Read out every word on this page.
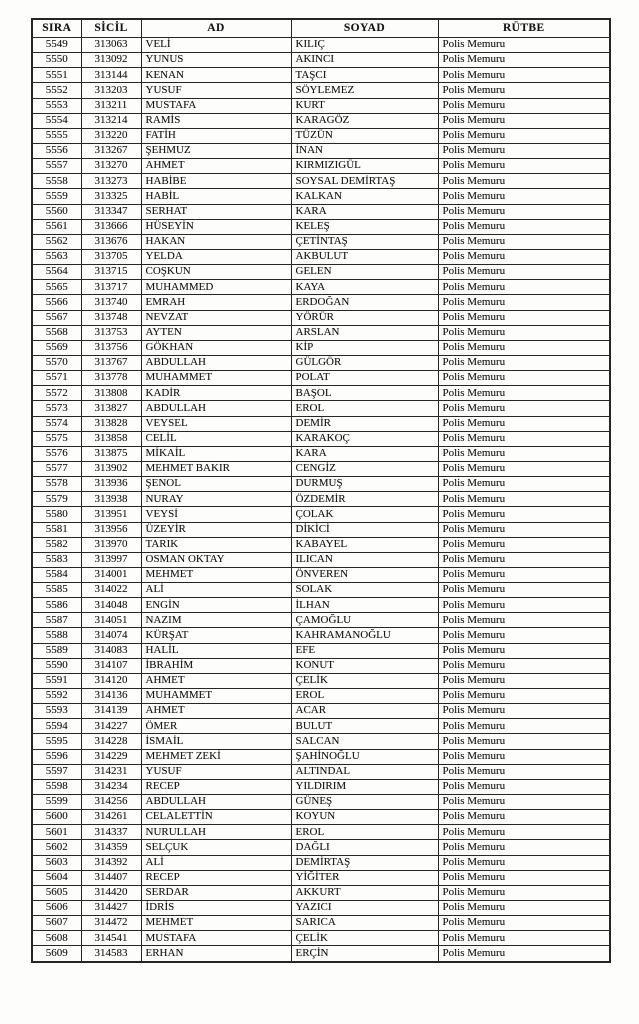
SIRA	SİCİL	AD	SOYAD	RÜTBE
5549	313063	VELİ	KILIÇ	Polis Memuru
5550	313092	YUNUS	AKINCI	Polis Memuru
5551	313144	KENAN	TAŞCI	Polis Memuru
5552	313203	YUSUF	SÖYLEMEZ	Polis Memuru
5553	313211	MUSTAFA	KURT	Polis Memuru
5554	313214	RAMİS	KARAGÖZ	Polis Memuru
5555	313220	FATİH	TÜZÜN	Polis Memuru
5556	313267	ŞEHMUZ	İNAN	Polis Memuru
5557	313270	AHMET	KIRMIZIGÜL	Polis Memuru
5558	313273	HABİBE	SOYSAL DEMİRTAŞ	Polis Memuru
5559	313325	HABİL	KALKAN	Polis Memuru
5560	313347	SERHAT	KARA	Polis Memuru
5561	313666	HÜSEYİN	KELEŞ	Polis Memuru
5562	313676	HAKAN	ÇETİNTAŞ	Polis Memuru
5563	313705	YELDA	AKBULUT	Polis Memuru
5564	313715	COŞKUN	GELEN	Polis Memuru
5565	313717	MUHAMMED	KAYA	Polis Memuru
5566	313740	EMRAH	ERDOĞAN	Polis Memuru
5567	313748	NEVZAT	YÖRÜR	Polis Memuru
5568	313753	AYTEN	ARSLAN	Polis Memuru
5569	313756	GÖKHAN	KİP	Polis Memuru
5570	313767	ABDULLAH	GÜLGÖR	Polis Memuru
5571	313778	MUHAMMET	POLAT	Polis Memuru
5572	313808	KADİR	BAŞOL	Polis Memuru
5573	313827	ABDULLAH	EROL	Polis Memuru
5574	313828	VEYSEL	DEMİR	Polis Memuru
5575	313858	CELİL	KARAKOÇ	Polis Memuru
5576	313875	MİKAİL	KARA	Polis Memuru
5577	313902	MEHMET BAKIR	CENGİZ	Polis Memuru
5578	313936	ŞENOL	DURMUŞ	Polis Memuru
5579	313938	NURAY	ÖZDEMİR	Polis Memuru
5580	313951	VEYSİ	ÇOLAK	Polis Memuru
5581	313956	ÜZEYİR	DİKİCİ	Polis Memuru
5582	313970	TARIK	KABAYEL	Polis Memuru
5583	313997	OSMAN OKTAY	ILICAN	Polis Memuru
5584	314001	MEHMET	ÖNVEREN	Polis Memuru
5585	314022	ALİ	SOLAK	Polis Memuru
5586	314048	ENGİN	İLHAN	Polis Memuru
5587	314051	NAZIM	ÇAMOĞLU	Polis Memuru
5588	314074	KÜRŞAT	KAHRAMANOĞLU	Polis Memuru
5589	314083	HALİL	EFE	Polis Memuru
5590	314107	İBRAHİM	KONUT	Polis Memuru
5591	314120	AHMET	ÇELİK	Polis Memuru
5592	314136	MUHAMMET	EROL	Polis Memuru
5593	314139	AHMET	ACAR	Polis Memuru
5594	314227	ÖMER	BULUT	Polis Memuru
5595	314228	İSMAİL	SALCAN	Polis Memuru
5596	314229	MEHMET ZEKİ	ŞAHİNOĞLU	Polis Memuru
5597	314231	YUSUF	ALTINDAL	Polis Memuru
5598	314234	RECEP	YILDIRIM	Polis Memuru
5599	314256	ABDULLAH	GÜNEŞ	Polis Memuru
5600	314261	CELALETTİN	KOYUN	Polis Memuru
5601	314337	NURULLAH	EROL	Polis Memuru
5602	314359	SELÇUK	DAĞLI	Polis Memuru
5603	314392	ALİ	DEMİRTAŞ	Polis Memuru
5604	314407	RECEP	YİĞİTER	Polis Memuru
5605	314420	SERDAR	AKKURT	Polis Memuru
5606	314427	İDRİS	YAZICI	Polis Memuru
5607	314472	MEHMET	SARICA	Polis Memuru
5608	314541	MUSTAFA	ÇELİK	Polis Memuru
5609	314583	ERHAN	ERÇİN	Polis Memuru
